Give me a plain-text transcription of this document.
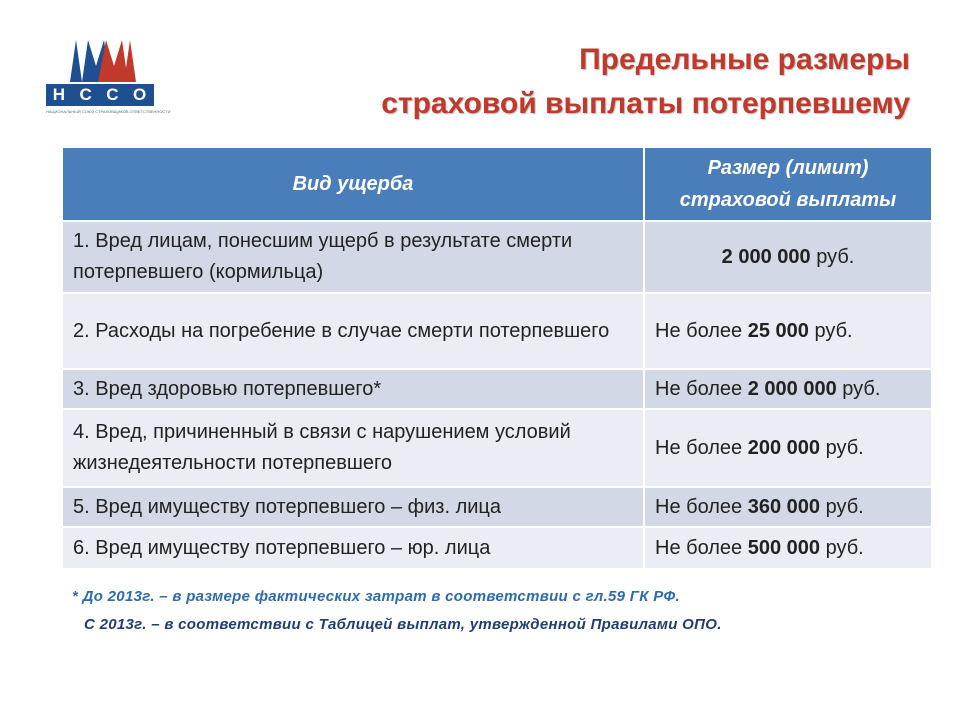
Н С С О
НАЦИОНАЛЬНЫЙ СОЮЗ СТРАХОВЩИКОВ ОТВЕТСТВЕННОСТИ
Предельные размеры
страховой выплаты потерпевшему
Вид ущерба	Размер (лимит)
страховой выплаты

1. Вред лицам, понесшим ущерб в результате смерти потерпевшего (кормильца)	2 000 000 руб.
2. Расходы на погребение в случае смерти потерпевшего	Не более 25 000 руб.
3. Вред здоровью потерпевшего*	Не более 2 000 000 руб.
4. Вред, причиненный в связи с нарушением условий жизнедеятельности потерпевшего	Не более 200 000 руб.
5. Вред имуществу потерпевшего – физ. лица	Не более 360 000 руб.
6. Вред имуществу потерпевшего – юр. лица	Не более 500 000 руб.
* До 2013г. – в размере фактических затрат в соответствии с гл.59 ГК РФ.
С 2013г. – в соответствии с Таблицей выплат, утвержденной Правилами ОПО.
